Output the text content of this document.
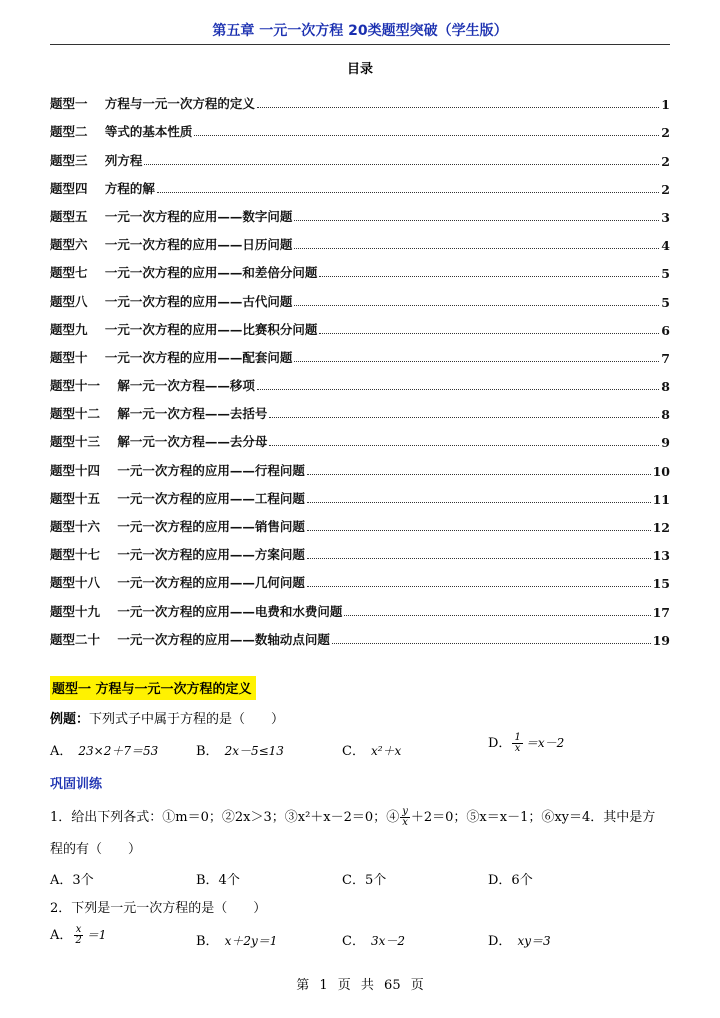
第五章 一元一次方程 20类题型突破（学生版）
目录
题型一    方程与一元一次方程的定义	1
题型二    等式的基本性质	2
题型三    列方程	2
题型四    方程的解	2
题型五    一元一次方程的应用——数字问题	3
题型六    一元一次方程的应用——日历问题	4
题型七    一元一次方程的应用——和差倍分问题	5
题型八    一元一次方程的应用——古代问题	5
题型九    一元一次方程的应用——比赛积分问题	6
题型十    一元一次方程的应用——配套问题	7
题型十一    解一元一次方程——移项	8
题型十二    解一元一次方程——去括号	8
题型十三    解一元一次方程——去分母	9
题型十四    一元一次方程的应用——行程问题	10
题型十五    一元一次方程的应用——工程问题	11
题型十六    一元一次方程的应用——销售问题	12
题型十七    一元一次方程的应用——方案问题	13
题型十八    一元一次方程的应用——几何问题	15
题型十九    一元一次方程的应用——电费和水费问题	17
题型二十    一元一次方程的应用——数轴动点问题	19
题型一 方程与一元一次方程的定义
例题：下列式子中属于方程的是（　　）
A． 23×2＋7＝53	B． 2x－5≤13	C． x²＋x	D． $\frac{1}{x} =x-2$
巩固训练
1．给出下列各式：①m＝0；②2x＞3；③x²＋x－2＝0；④ $\frac{y}{x} +2=0$；⑤x＝x－1；⑥xy＝4．其中是方
程的有（　　）
A．3个	B．4个	C．5个	D．6个
2．下列是一元一次方程的是（　　）
A． $\frac{x}{2} =1$	B． x＋2y＝1	C． 3x－2	D． xy＝3
第 1 页 共 65 页
